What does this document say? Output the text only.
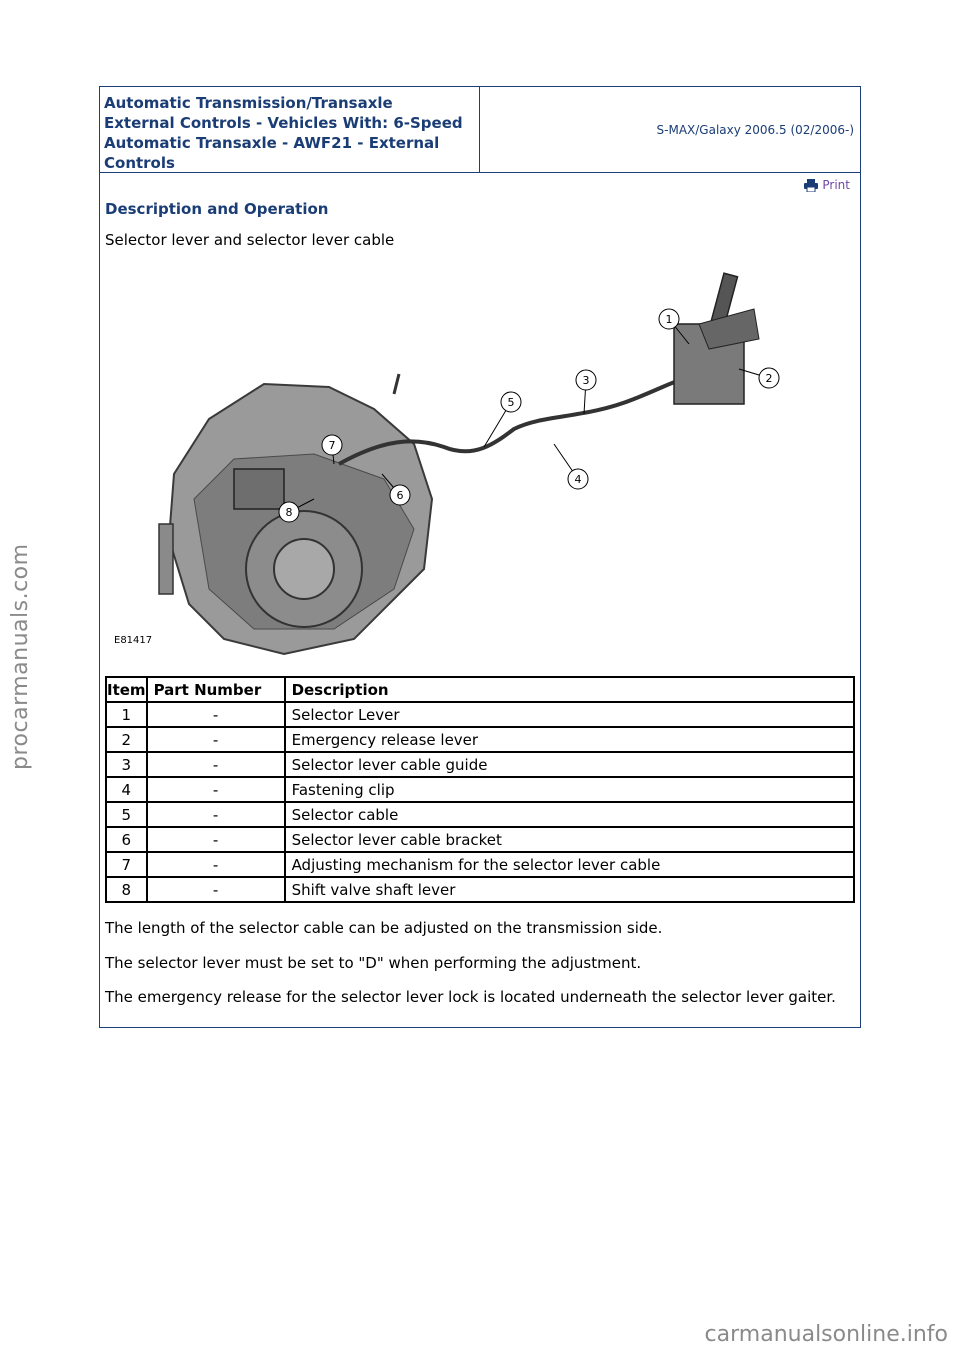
Automatic Transmission/Transaxle
External Controls - Vehicles With: 6-Speed
Automatic Transaxle - AWF21 - External
Controls
S-MAX/Galaxy 2006.5 (02/2006-)
Print
Description and Operation
Selector lever and selector lever cable
1
2
3
4
5
6
7
8
E81417
Item	Part Number	Description
1	-	Selector Lever
2	-	Emergency release lever
3	-	Selector lever cable guide
4	-	Fastening clip
5	-	Selector cable
6	-	Selector lever cable bracket
7	-	Adjusting mechanism for the selector lever cable
8	-	Shift valve shaft lever

The length of the selector cable can be adjusted on the transmission side.

The selector lever must be set to "D" when performing the adjustment.

The emergency release for the selector lever lock is located underneath the selector lever gaiter.

procarmanuals.com
carmanualsonline.info
